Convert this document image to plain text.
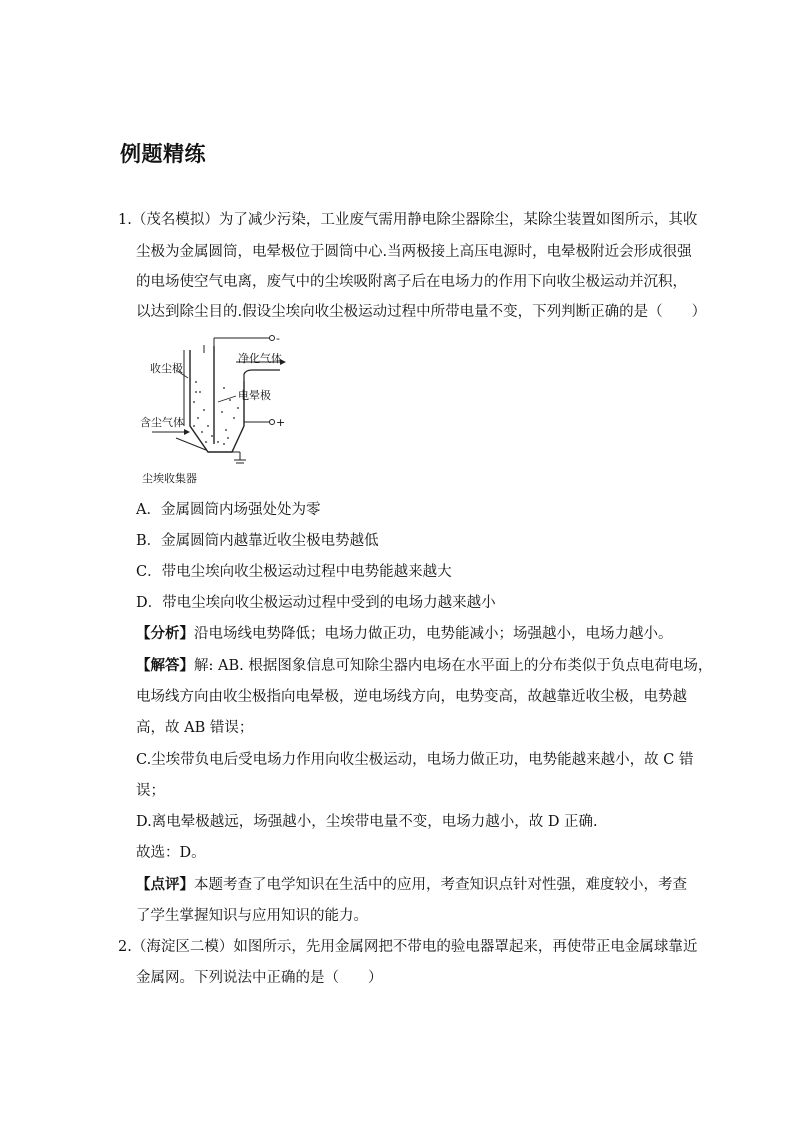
例题精练
1.（茂名模拟）为了减少污染，工业废气需用静电除尘器除尘，某除尘装置如图所示，其收
尘极为金属圆筒，电晕极位于圆筒中心.当两极接上高压电源时，电晕极附近会形成很强
的电场使空气电离，废气中的尘埃吸附离子后在电场力的作用下向收尘极运动并沉积，
以达到除尘目的.假设尘埃向收尘极运动过程中所带电量不变，下列判断正确的是（　　）
-
收尘极
净化气体
电晕极
含尘气体	+
尘埃收集器
A．金属圆筒内场强处处为零
B．金属圆筒内越靠近收尘极电势越低
C．带电尘埃向收尘极运动过程中电势能越来越大
D．带电尘埃向收尘极运动过程中受到的电场力越来越小
【分析】沿电场线电势降低；电场力做正功，电势能减小；场强越小，电场力越小。
【解答】解: AB. 根据图象信息可知除尘器内电场在水平面上的分布类似于负点电荷电场，
电场线方向由收尘极指向电晕极，逆电场线方向，电势变高，故越靠近收尘极，电势越
高，故 AB 错误；
C.尘埃带负电后受电场力作用向收尘极运动，电场力做正功，电势能越来越小，故 C 错
误；
D.离电晕极越远，场强越小，尘埃带电量不变，电场力越小，故 D 正确.
故选：D。
【点评】本题考查了电学知识在生活中的应用，考查知识点针对性强，难度较小，考查
了学生掌握知识与应用知识的能力。
2.（海淀区二模）如图所示，先用金属网把不带电的验电器罩起来，再使带正电金属球靠近
金属网。下列说法中正确的是（　　）
